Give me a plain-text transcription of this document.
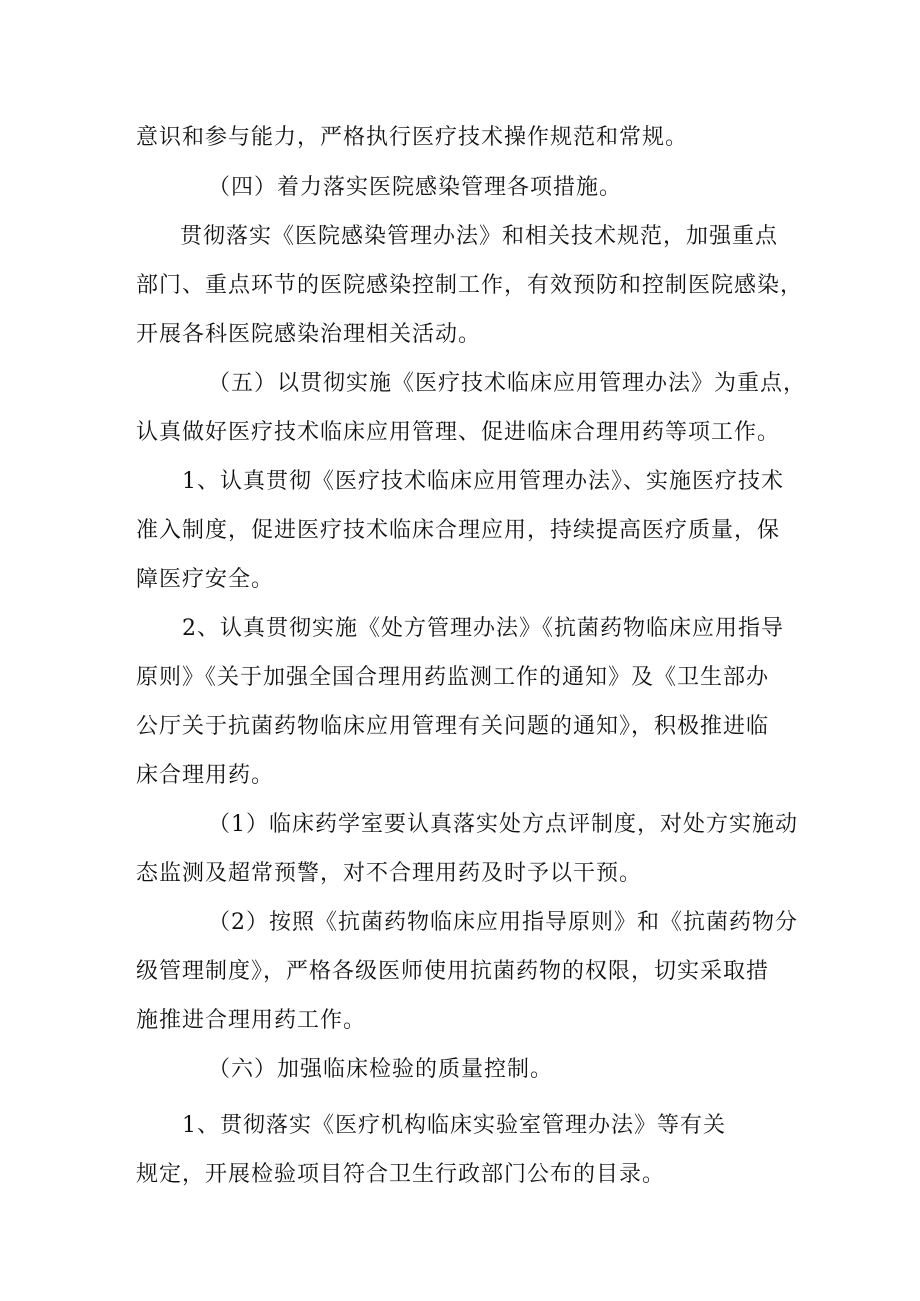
意识和参与能力，严格执行医疗技术操作规范和常规。
（四）着力落实医院感染管理各项措施。
贯彻落实《医院感染管理办法》和相关技术规范，加强重点
部门、重点环节的医院感染控制工作，有效预防和控制医院感染，
开展各科医院感染治理相关活动。
（五）以贯彻实施《医疗技术临床应用管理办法》为重点，
认真做好医疗技术临床应用管理、促进临床合理用药等项工作。
1、认真贯彻《医疗技术临床应用管理办法》、实施医疗技术
准入制度，促进医疗技术临床合理应用，持续提高医疗质量，保
障医疗安全。
2、认真贯彻实施《处方管理办法》《抗菌药物临床应用指导
原则》《关于加强全国合理用药监测工作的通知》及《卫生部办
公厅关于抗菌药物临床应用管理有关问题的通知》，积极推进临
床合理用药。
（1）临床药学室要认真落实处方点评制度，对处方实施动
态监测及超常预警，对不合理用药及时予以干预。
（2）按照《抗菌药物临床应用指导原则》和《抗菌药物分
级管理制度》，严格各级医师使用抗菌药物的权限，切实采取措
施推进合理用药工作。
（六）加强临床检验的质量控制。
1、贯彻落实《医疗机构临床实验室管理办法》等有关
规定，开展检验项目符合卫生行政部门公布的目录。
